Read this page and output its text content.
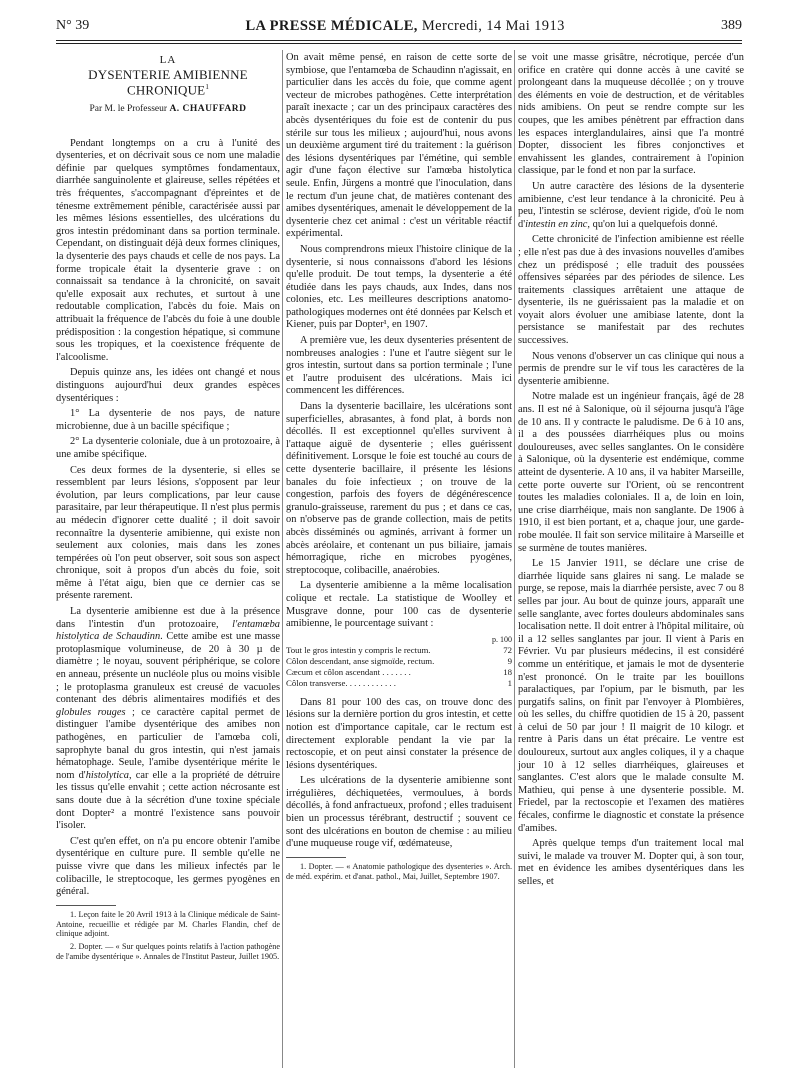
N° 39	LA PRESSE MÉDICALE, Mercredi, 14 Mai 1913	389
LA
DYSENTERIE AMIBIENNE CHRONIQUE$^1$
Par M. le Professeur A. CHAUFFARD

Pendant longtemps on a cru à l'unité des dysenteries, et on décrivait sous ce nom une maladie définie par quelques symptômes fondamentaux, diarrhée sanguinolente et glaireuse, selles répétées et très fréquentes, s'accompagnant d'épreintes et de ténesme extrêmement pénible, caractérisée aussi par les mêmes lésions essentielles, des ulcérations du gros intestin prédominant dans sa portion terminale. Cependant, on distinguait déjà deux formes cliniques, la dysenterie des pays chauds et celle de nos pays. La forme tropicale était la dysenterie grave : on connaissait sa tendance à la chronicité, on savait qu'elle exposait aux rechutes, et surtout à une redoutable complication, l'abcès du foie. Mais on attribuait la fréquence de l'abcès du foie à une double prédisposition : la congestion hépatique, si commune sous les tropiques, et la coexistence fréquente de l'alcoolisme.

Depuis quinze ans, les idées ont changé et nous distinguons aujourd'hui deux grandes espèces dysentériques :

1° La dysenterie de nos pays, de nature microbienne, due à un bacille spécifique ;

2° La dysenterie coloniale, due à un protozoaire, à une amibe spécifique.

Ces deux formes de la dysenterie, si elles se ressemblent par leurs lésions, s'opposent par leur évolution, par leurs complications, par leur cause parasitaire, par leur thérapeutique. Il n'est plus permis au médecin d'ignorer cette dualité ; il doit savoir reconnaître la dysenterie amibienne, qui existe non seulement aux colonies, mais dans les zones tempérées où l'on peut observer, soit sous son aspect chronique, soit à propos d'un abcès du foie, soit même à l'état aigu, bien que ce dernier cas se présente rarement.

La dysenterie amibienne est due à la présence dans l'intestin d'un protozoaire, l'entamœba histolytica de Schaudinn. Cette amibe est une masse protoplasmique volumineuse, de 20 à 30 µ de diamètre ; le noyau, souvent périphérique, se colore en anneau, présente un nucléole plus ou moins visible ; le protoplasma granuleux est creusé de vacuoles contenant des débris alimentaires modifiés et des globules rouges ; ce caractère capital permet de distinguer l'amibe dysentérique des amibes non pathogènes, en particulier de l'amœba coli, saprophyte banal du gros intestin, qui n'est jamais hématophage. Seule, l'amibe dysentérique mérite le nom d'histolytica, car elle a la propriété de détruire les tissus qu'elle envahit ; cette action nécrosante est sans doute due à la sécrétion d'une toxine spéciale dont Dopter² a montré l'existence sans pouvoir l'isoler.

C'est qu'en effet, on n'a pu encore obtenir l'amibe dysentérique en culture pure. Il semble qu'elle ne puisse vivre que dans les milieux infectés par le colibacille, le streptocoque, les germes pyogènes en général.

1. Leçon faite le 20 Avril 1913 à la Clinique médicale de Saint-Antoine, recueillie et rédigée par M. Charles Flandin, chef de clinique adjoint.

2. Dopter. — « Sur quelques points relatifs à l'action pathogène de l'amibe dysentérique ». Annales de l'Institut Pasteur, Juillet 1905.

On avait même pensé, en raison de cette sorte de symbiose, que l'entamœba de Schaudinn n'agissait, en particulier dans les accès du foie, que comme agent vecteur de microbes pathogènes. Cette interprétation paraît inexacte ; car un des principaux caractères des abcès dysentériques du foie est de contenir du pus stérile sur tous les milieux ; aujourd'hui, nous avons un deuxième argument tiré du traitement : la guérison des lésions dysentériques par l'émétine, qui semble agir d'une façon élective sur l'amœba histolytica seule. Enfin, Jürgens a montré que l'inoculation, dans le rectum d'un jeune chat, de matières contenant des amibes dysentériques, amenait le développement de la dysenterie chez cet animal : c'est un véritable réactif expérimental.

Nous comprendrons mieux l'histoire clinique de la dysenterie, si nous connaissons d'abord les lésions qu'elle produit. De tout temps, la dysenterie a été étudiée dans les pays chauds, aux Indes, dans nos colonies, etc. Les meilleures descriptions anatomo-pathologiques modernes ont été données par Kelsch et Kiener, puis par Dopter¹, en 1907.

A première vue, les deux dysenteries présentent de nombreuses analogies : l'une et l'autre siègent sur le gros intestin, surtout dans sa portion terminale ; l'une et l'autre produisent des ulcérations. Mais ici commencent les différences.

Dans la dysenterie bacillaire, les ulcérations sont superficielles, abrasantes, à fond plat, à bords non décollés. Il est exceptionnel qu'elles survivent à l'attaque aiguë de dysenterie ; elles guérissent définitivement. Lorsque le foie est touché au cours de cette dysenterie bacillaire, il présente les lésions banales du foie infectieux ; on trouve de la congestion, parfois des foyers de dégénérescence granulo-graisseuse, rarement du pus ; et dans ce cas, on n'observe pas de grande collection, mais de petits abcès disséminés ou agminés, arrivant à former un abcès aréolaire, et contenant un pus biliaire, jamais hémorragique, riche en microbes pyogènes, streptocoque, colibacille, anaérobies.

La dysenterie amibienne a la même localisation colique et rectale. La statistique de Woolley et Musgrave donne, pour 100 cas de dysenterie amibienne, le pourcentage suivant :

	p. 100
Tout le gros intestin y compris le rectum.	72
Côlon descendant, anse sigmoïde, rectum.	9
Cæcum et côlon ascendant . . . . . . .	18
Côlon transverse. . . . . . . . . . . .	1

Dans 81 pour 100 des cas, on trouve donc des lésions sur la dernière portion du gros intestin, et cette notion est d'importance capitale, car le rectum est directement explorable pendant la vie par la rectoscopie, et on peut ainsi constater la présence de lésions dysentériques.

Les ulcérations de la dysenterie amibienne sont irrégulières, déchiquetées, vermoulues, à bords décollés, à fond anfractueux, profond ; elles traduisent bien un processus térébrant, destructif ; souvent ce sont des ulcérations en bouton de chemise : au milieu d'une muqueuse rouge vif, œdémateuse,

1. Dopter. — « Anatomie pathologique des dysenteries ». Arch. de méd. expérim. et d'anat. pathol., Mai, Juillet, Septembre 1907.

se voit une masse grisâtre, nécrotique, percée d'un orifice en cratère qui donne accès à une cavité se prolongeant dans la muqueuse décollée ; on y trouve des éléments en voie de destruction, et de véritables nids amibiens. On peut se rendre compte sur les coupes, que les amibes pénètrent par effraction dans les espaces interglandulaires, ainsi que l'a montré Dopter, dissocient les fibres conjonctives et envahissent les glandes, contrairement à l'opinion classique, par le fond et non par la surface.

Un autre caractère des lésions de la dysenterie amibienne, c'est leur tendance à la chronicité. Peu à peu, l'intestin se sclérose, devient rigide, d'où le nom d'intestin en zinc, qu'on lui a quelquefois donné.

Cette chronicité de l'infection amibienne est réelle ; elle n'est pas due à des invasions nouvelles d'amibes chez un prédisposé ; elle traduit des poussées offensives séparées par des périodes de silence. Les traitements classiques arrêtaient une attaque de dysenterie, ils ne guérissaient pas la maladie et on voyait alors évoluer une amibiase latente, dont la persistance se manifestait par des rechutes successives.

Nous venons d'observer un cas clinique qui nous a permis de prendre sur le vif tous les caractères de la dysenterie amibienne.

Notre malade est un ingénieur français, âgé de 28 ans. Il est né à Salonique, où il séjourna jusqu'à l'âge de 10 ans. Il y contracte le paludisme. De 6 à 10 ans, il a des poussées diarrhéiques plus ou moins douloureuses, avec selles sanglantes. On le considère à Salonique, où la dysenterie est endémique, comme atteint de dysenterie. A 10 ans, il va habiter Marseille, cette porte ouverte sur l'Orient, où se rencontrent toutes les maladies coloniales. Il a, de loin en loin, une crise diarrhéique, mais non sanglante. De 1906 à 1910, il est bien portant, et a, chaque jour, une garde-robe moulée. Il fait son service militaire à Marseille et se surmène de toutes manières.

Le 15 Janvier 1911, se déclare une crise de diarrhée liquide sans glaires ni sang. Le malade se purge, se repose, mais la diarrhée persiste, avec 7 ou 8 selles par jour. Au bout de quinze jours, apparaît une selle sanglante, avec fortes douleurs abdominales sans localisation nette. Il doit entrer à l'hôpital militaire, où il a 12 selles sanglantes par jour. Il vient à Paris en Février. Vu par plusieurs médecins, il est considéré comme un entéritique, et jamais le mot de dysenterie n'est prononcé. On le traite par les bouillons paralactiques, par l'opium, par le bismuth, par les purgatifs salins, on finit par l'envoyer à Plombières, où les selles, du chiffre quotidien de 15 à 20, passent à celui de 50 par jour ! Il maigrit de 10 kilogr. et rentre à Paris dans un état précaire. Le ventre est douloureux, surtout aux angles coliques, il y a chaque jour 10 à 12 selles diarrhéiques, glaireuses et sanglantes. C'est alors que le malade consulte M. Mathieu, qui pense à une dysenterie possible. M. Friedel, par la rectoscopie et l'examen des matières fécales, confirme le diagnostic et constate la présence d'amibes.

Après quelque temps d'un traitement local mal suivi, le malade va trouver M. Dopter qui, à son tour, met en évidence les amibes dysentériques dans les selles, et
